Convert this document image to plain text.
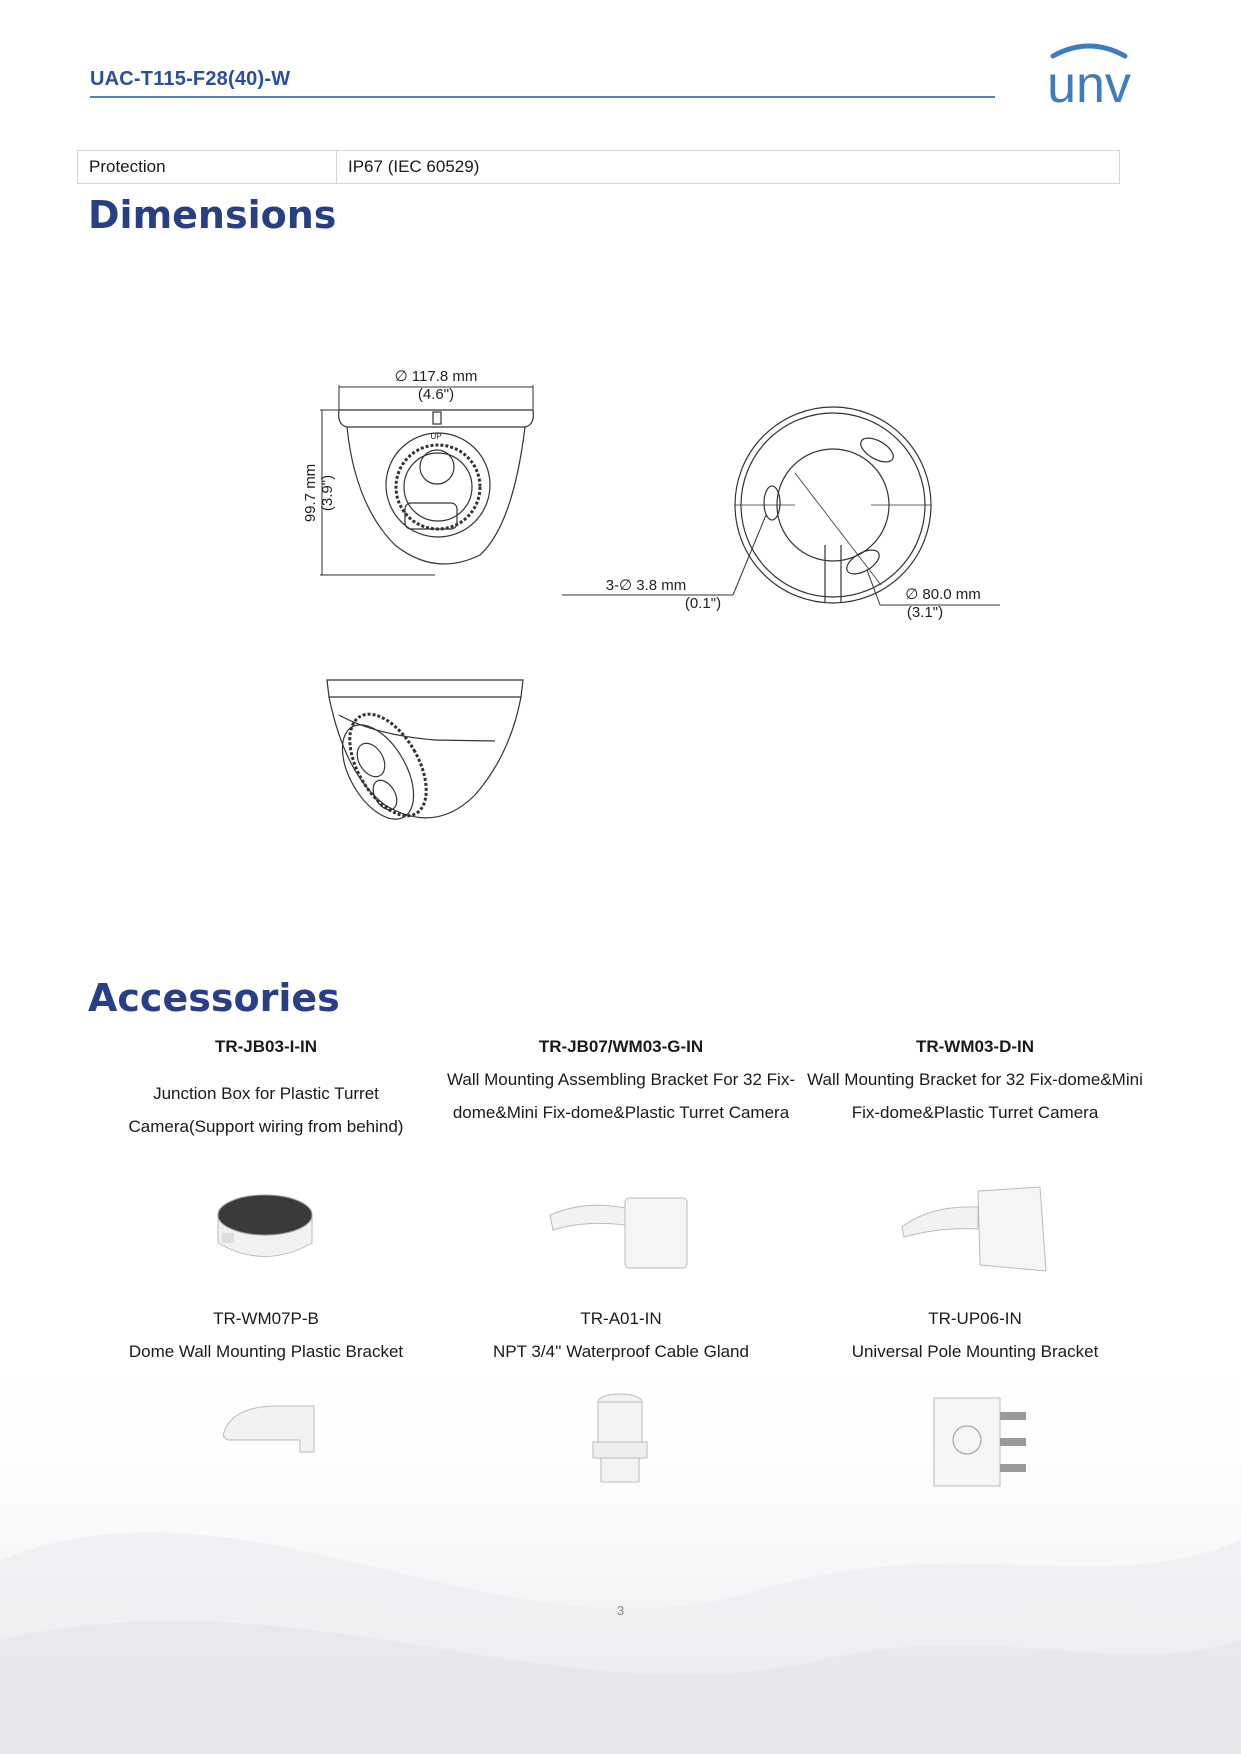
UAC-T115-F28(40)-W	unv
Protection	IP67 (IEC 60529)
Dimensions
∅ 117.8 mm
(4.6")
99.7 mm (3.9")
UP
3-∅ 3.8 mm
(0.1")
∅ 80.0 mm
(3.1")
Accessories
TR-JB03-I-IN
Junction Box for Plastic Turret Camera(Support wiring from behind)
TR-JB07/WM03-G-IN
Wall Mounting Assembling Bracket For 32 Fix-dome&Mini Fix-dome&Plastic Turret Camera
TR-WM03-D-IN
Wall Mounting Bracket for 32 Fix-dome&Mini Fix-dome&Plastic Turret Camera
TR-WM07P-B
Dome Wall Mounting Plastic Bracket
TR-A01-IN
NPT 3/4'' Waterproof Cable Gland
TR-UP06-IN
Universal Pole Mounting Bracket
3
